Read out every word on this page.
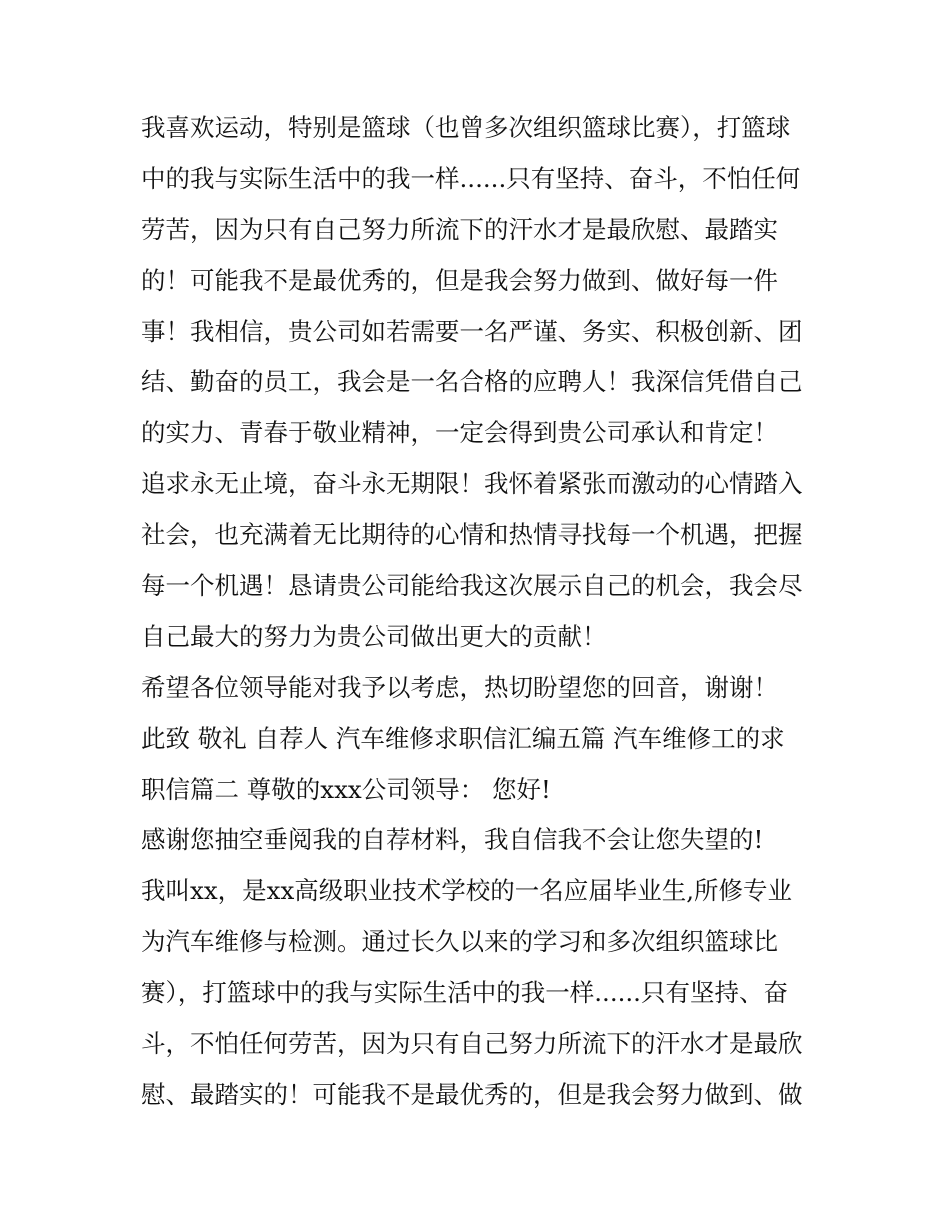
我喜欢运动，特别是篮球（也曾多次组织篮球比赛），打篮球
中的我与实际生活中的我一样......只有坚持、奋斗，不怕任何
劳苦，因为只有自己努力所流下的汗水才是最欣慰、最踏实
的！可能我不是最优秀的，但是我会努力做到、做好每一件
事！我相信，贵公司如若需要一名严谨、务实、积极创新、团
结、勤奋的员工，我会是一名合格的应聘人！我深信凭借自己
的实力、青春于敬业精神，一定会得到贵公司承认和肯定！
追求永无止境，奋斗永无期限！我怀着紧张而激动的心情踏入
社会，也充满着无比期待的心情和热情寻找每一个机遇，把握
每一个机遇！恳请贵公司能给我这次展示自己的机会，我会尽
自己最大的努力为贵公司做出更大的贡献！
希望各位领导能对我予以考虑，热切盼望您的回音，谢谢！
此致 敬礼 自荐人 汽车维修求职信汇编五篇 汽车维修工的求
职信篇二 尊敬的xxx公司领导： 您好!
感谢您抽空垂阅我的自荐材料，我自信我不会让您失望的!
我叫xx，是xx高级职业技术学校的一名应届毕业生,所修专业
为汽车维修与检测。通过长久以来的学习和多次组织篮球比
赛），打篮球中的我与实际生活中的我一样......只有坚持、奋
斗，不怕任何劳苦，因为只有自己努力所流下的汗水才是最欣
慰、最踏实的！可能我不是最优秀的，但是我会努力做到、做
